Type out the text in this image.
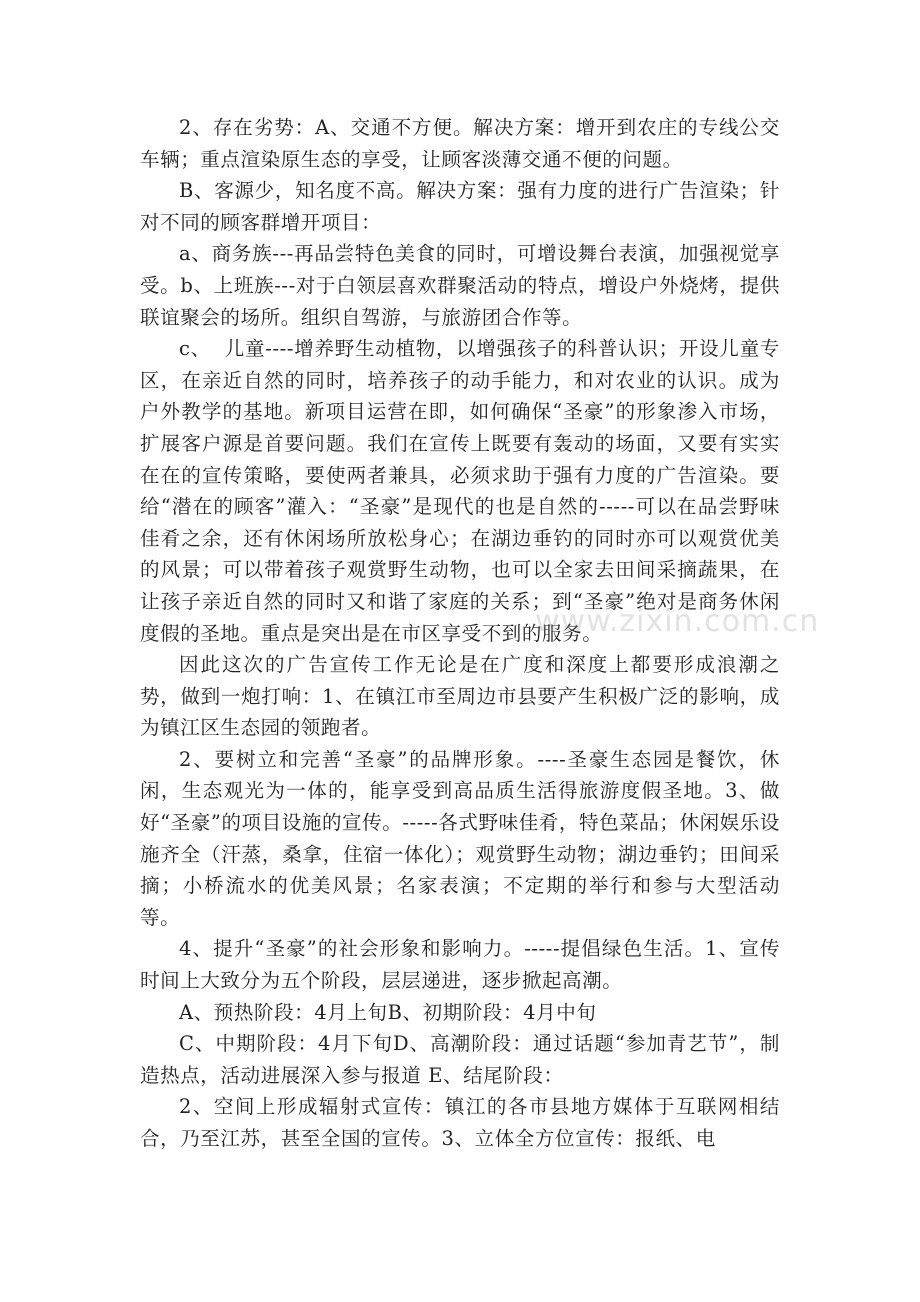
2、存在劣势：A、交通不方便。解决方案：增开到农庄的专线公交车辆；重点渲染原生态的享受，让顾客淡薄交通不便的问题。

B、客源少，知名度不高。解决方案：强有力度的进行广告渲染；针对不同的顾客群增开项目：

a、商务族---再品尝特色美食的同时，可增设舞台表演，加强视觉享受。b、上班族---对于白领层喜欢群聚活动的特点，增设户外烧烤，提供联谊聚会的场所。组织自驾游，与旅游团合作等。

c、  儿童----增养野生动植物，以增强孩子的科普认识；开设儿童专区，在亲近自然的同时，培养孩子的动手能力，和对农业的认识。成为户外教学的基地。新项目运营在即，如何确保“圣豪”的形象渗入市场，扩展客户源是首要问题。我们在宣传上既要有轰动的场面，又要有实实在在的宣传策略，要使两者兼具，必须求助于强有力度的广告渲染。要给“潜在的顾客”灌入：“圣豪”是现代的也是自然的-----可以在品尝野味佳肴之余，还有休闲场所放松身心；在湖边垂钓的同时亦可以观赏优美的风景；可以带着孩子观赏野生动物，也可以全家去田间采摘蔬果，在让孩子亲近自然的同时又和谐了家庭的关系；到“圣豪”绝对是商务休闲度假的圣地。重点是突出是在市区享受不到的服务。

因此这次的广告宣传工作无论是在广度和深度上都要形成浪潮之势，做到一炮打响：1、在镇江市至周边市县要产生积极广泛的影响，成为镇江区生态园的领跑者。

2、要树立和完善“圣豪”的品牌形象。----圣豪生态园是餐饮，休闲，生态观光为一体的，能享受到高品质生活得旅游度假圣地。3、做好“圣豪”的项目设施的宣传。-----各式野味佳肴，特色菜品；休闲娱乐设施齐全（汗蒸，桑拿，住宿一体化）；观赏野生动物；湖边垂钓；田间采摘；小桥流水的优美风景；名家表演；不定期的举行和参与大型活动等。

4、提升“圣豪”的社会形象和影响力。-----提倡绿色生活。1、宣传时间上大致分为五个阶段，层层递进，逐步掀起高潮。

A、预热阶段：4月上旬B、初期阶段：4月中旬

C、中期阶段：4月下旬D、高潮阶段：通过话题“参加青艺节”，制造热点，活动进展深入参与报道 E、结尾阶段：

2、空间上形成辐射式宣传：镇江的各市县地方媒体于互联网相结合，乃至江苏，甚至全国的宣传。3、立体全方位宣传：报纸、电

www.zixin.com.cn
